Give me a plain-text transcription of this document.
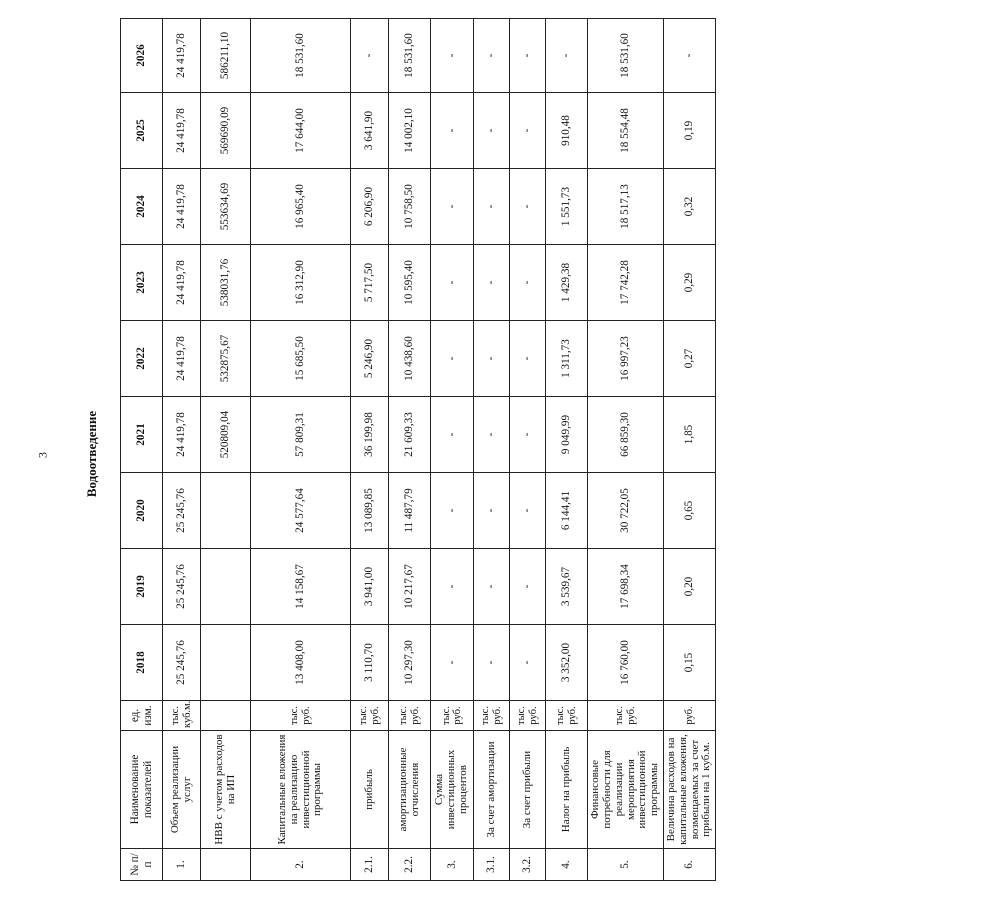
3	Водоотведение
№ п/п	Наименование показателей	ед. изм.	2018	2019	2020	2021	2022	2023	2024	2025	2026
1.	Объем реализации услуг	тыс. куб.м.	25 245,76	25 245,76	25 245,76	24 419,78	24 419,78	24 419,78	24 419,78	24 419,78	24 419,78
	НВВ с учетом расходов на ИП					520809,04	532875,67	538031,76	553634,69	569690,09	586211,10
2.	Капитальные вложения на реализацию инвестиционной программы	тыс. руб.	13 408,00	14 158,67	24 577,64	57 809,31	15 685,50	16 312,90	16 965,40	17 644,00	18 531,60
2.1.	прибыль	тыс. руб.	3 110,70	3 941,00	13 089,85	36 199,98	5 246,90	5 717,50	6 206,90	3 641,90	-
2.2.	амортизационные отчисления	тыс. руб.	10 297,30	10 217,67	11 487,79	21 609,33	10 438,60	10 595,40	10 758,50	14 002,10	18 531,60
3.	Сумма инвестиционных процентов	тыс. руб.	-	-	-	-	-	-	-	-	-
3.1.	За счет амортизации	тыс. руб.	-	-	-	-	-	-	-	-	-
3.2.	За счет прибыли	тыс. руб.	-	-	-	-	-	-	-	-	-
4.	Налог на прибыль	тыс. руб.	3 352,00	3 539,67	6 144,41	9 049,99	1 311,73	1 429,38	1 551,73	910,48	-
5.	Финансовые потребности для реализации мероприятия инвестиционной программы	тыс. руб.	16 760,00	17 698,34	30 722,05	66 859,30	16 997,23	17 742,28	18 517,13	18 554,48	18 531,60
6.	Величина расходов на капитальные вложения, возмещаемых за счет прибыли на 1 куб.м.	руб.	0,15	0,20	0,65	1,85	0,27	0,29	0,32	0,19	-
